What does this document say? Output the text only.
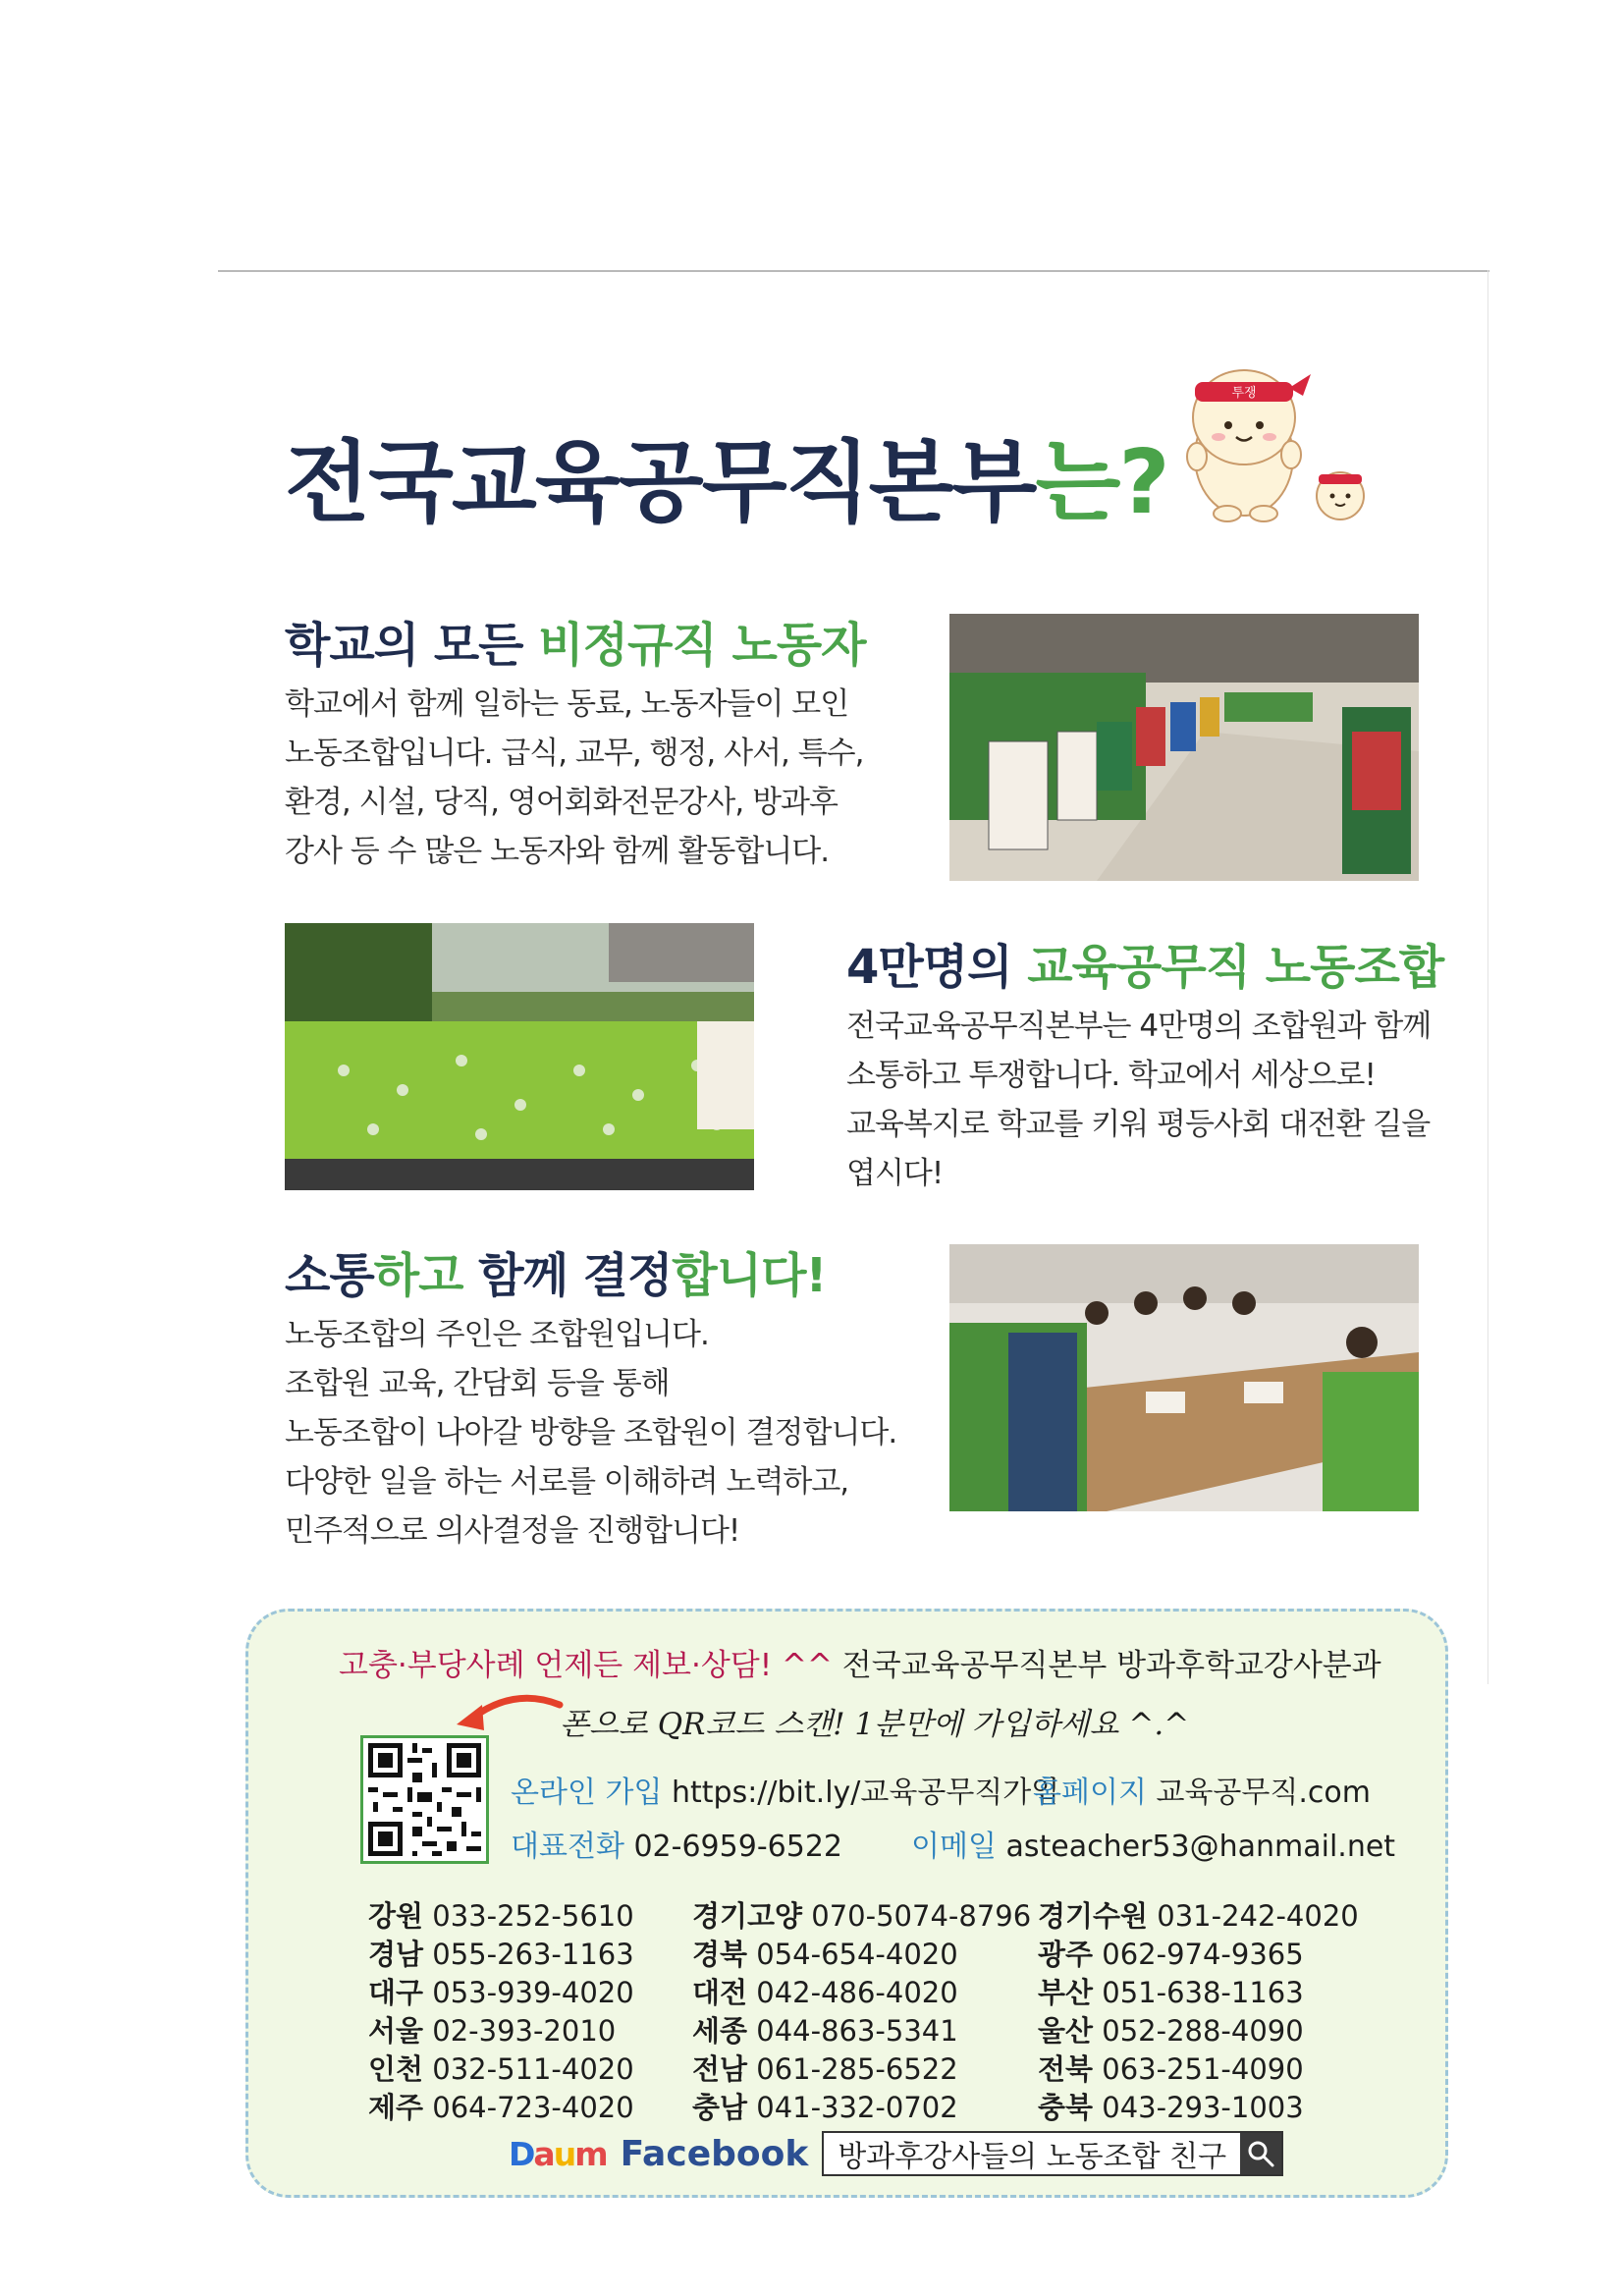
전국교육공무직본부는?
투쟁
학교의 모든 비정규직 노동자
학교에서 함께 일하는 동료, 노동자들이 모인
노동조합입니다. 급식, 교무, 행정, 사서, 특수,
환경, 시설, 당직, 영어회화전문강사, 방과후
강사 등 수 많은 노동자와 함께 활동합니다.
4만명의 교육공무직 노동조합
전국교육공무직본부는 4만명의 조합원과 함께
소통하고 투쟁합니다. 학교에서 세상으로!
교육복지로 학교를 키워 평등사회 대전환 길을
엽시다!
소통하고 함께 결정합니다!
노동조합의 주인은 조합원입니다.
조합원 교육, 간담회 등을 통해
노동조합이 나아갈 방향을 조합원이 결정합니다.
다양한 일을 하는 서로를 이해하려 노력하고,
민주적으로 의사결정을 진행합니다!
고충·부당사례 언제든 제보·상담! ^^ 전국교육공무직본부 방과후학교강사분과
폰으로 QR코드 스캔! 1분만에 가입하세요 ^.^
온라인 가입 https://bit.ly/교육공무직가입
홈페이지 교육공무직.com
대표전화 02-6959-6522 이메일 asteacher53@hanmail.net
강원 033-252-5610
경남 055-263-1163
대구 053-939-4020
서울 02-393-2010
인천 032-511-4020
제주 064-723-4020
경기고양 070-5074-8796
경북 054-654-4020
대전 042-486-4020
세종 044-863-5341
전남 061-285-6522
충남 041-332-0702
경기수원 031-242-4020
광주 062-974-9365
부산 051-638-1163
울산 052-288-4090
전북 063-251-4090
충북 043-293-1003
Daum Facebook	방과후강사들의 노동조합 친구
